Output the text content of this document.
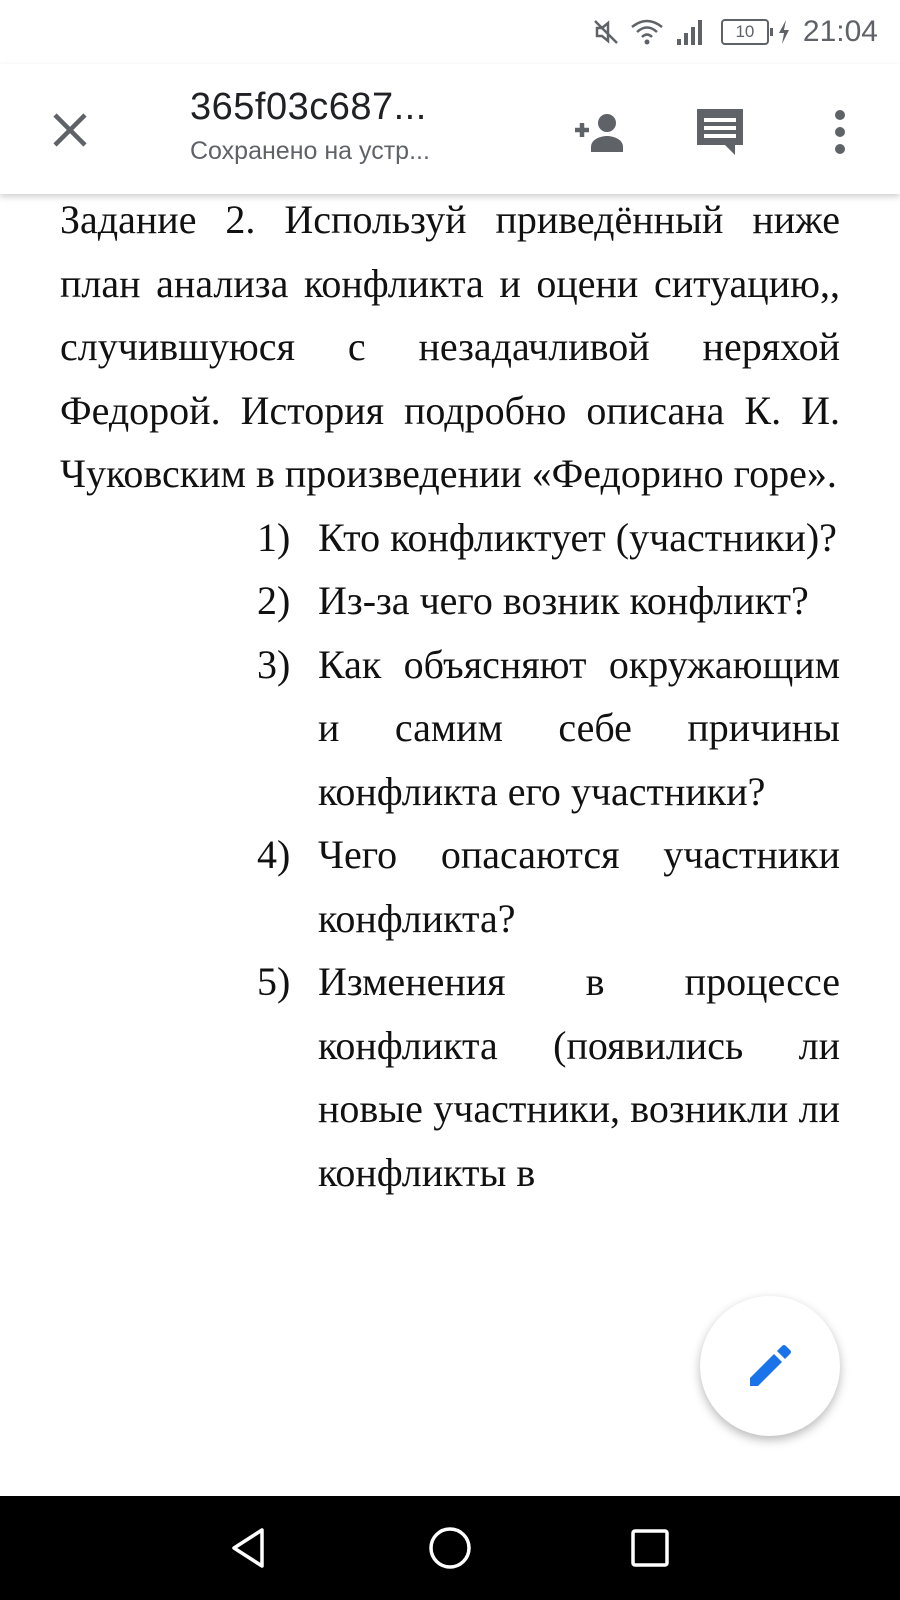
10	21:04
365f03c687...
Сохранено на устр...

Задание 2. Используй приведённый ниже план анализа конфликта и оцени ситуацию,, случившуюся с незадачливой неряхой Федорой. История подробно описана К. И. Чуковским в произведении «Федорино горе».

1) Кто конфликтует (участники)?
2) Из-за чего возник конфликт?
3) Как объясняют окружающим и самим себе причины конфликта его участники?
4) Чего опасаются участники конфликта?
5) Изменения в процессе конфликта (появились ли новые участники, возникли ли конфликты в
